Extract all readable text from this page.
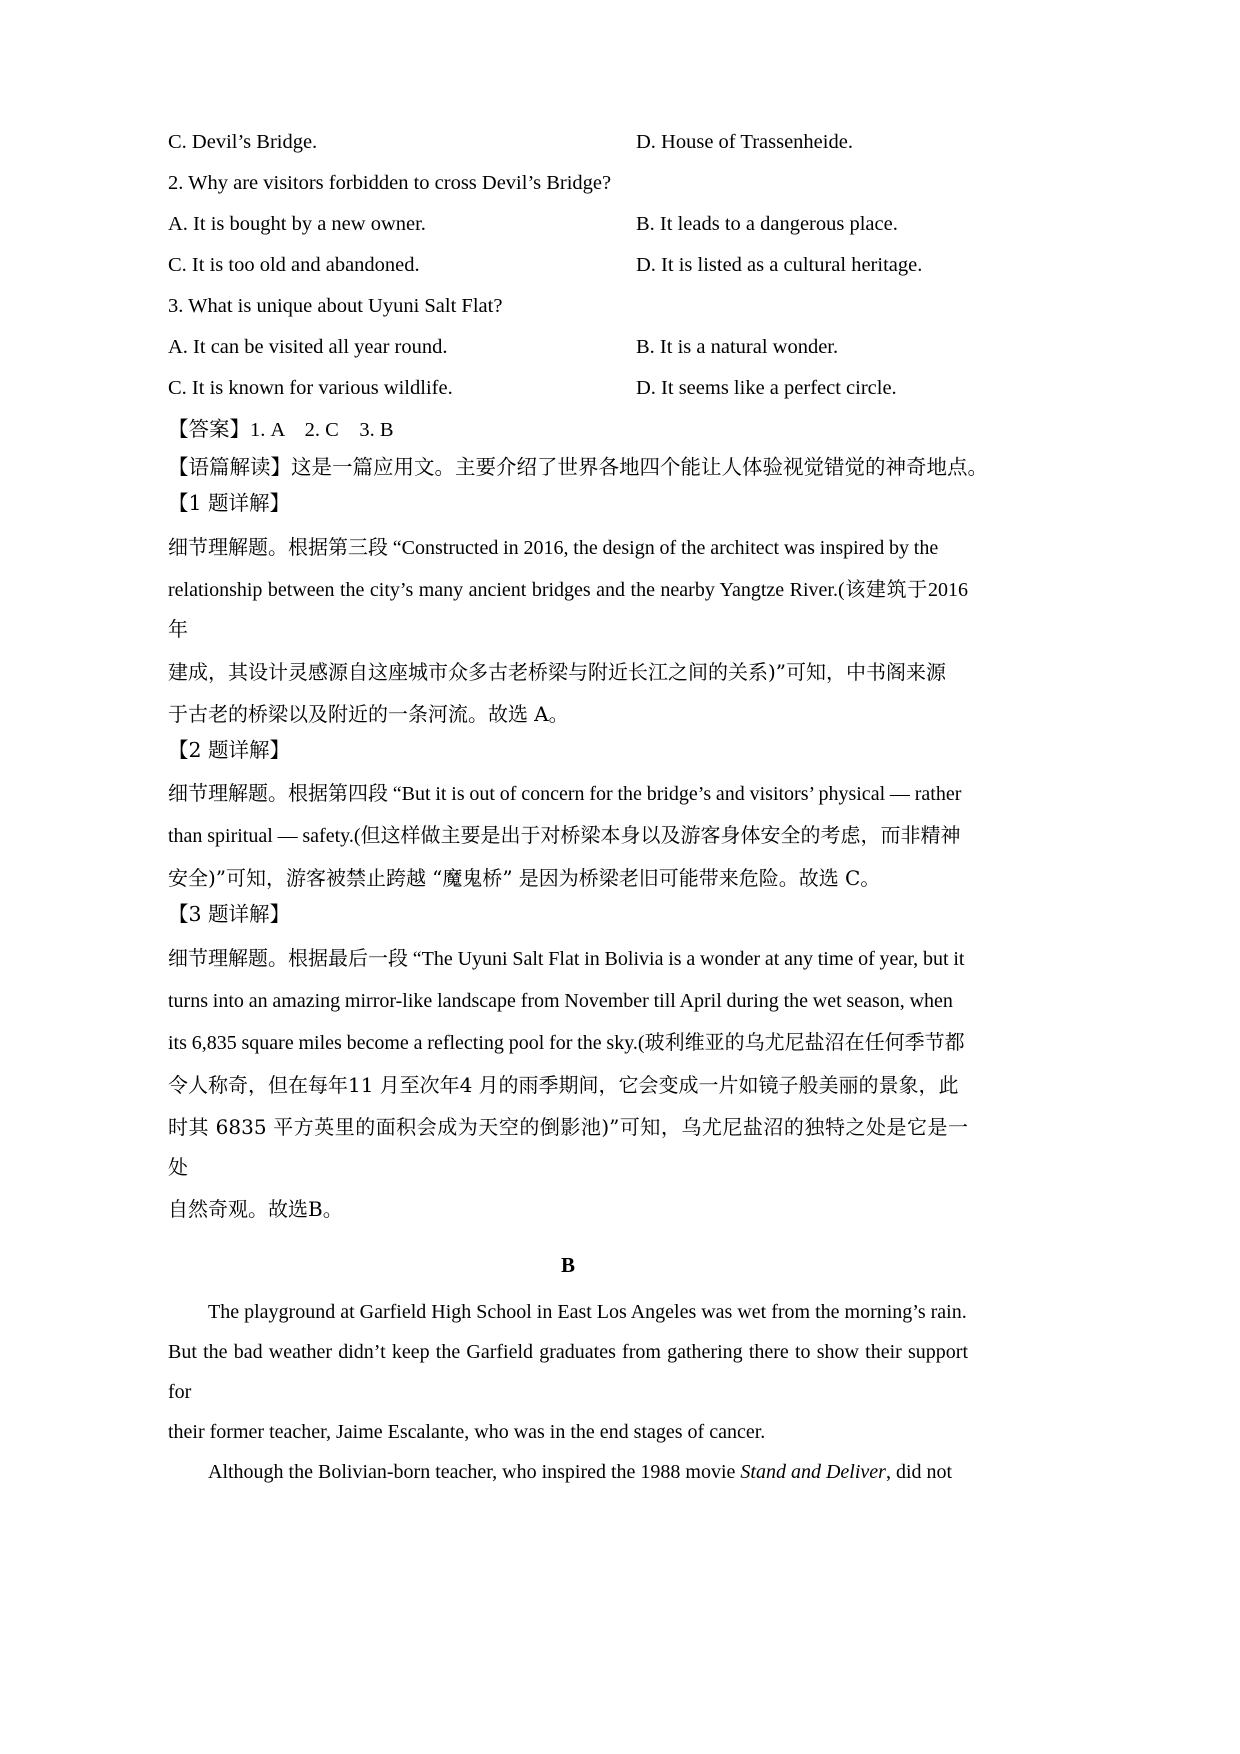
C. Devil’s Bridge.	D. House of Trassenheide.
2. Why are visitors forbidden to cross Devil’s Bridge?
A. It is bought by a new owner.	B. It leads to a dangerous place.
C. It is too old and abandoned.	D. It is listed as a cultural heritage.
3. What is unique about Uyuni Salt Flat?
A. It can be visited all year round.	B. It is a natural wonder.
C. It is known for various wildlife.	D. It seems like a perfect circle.
【答案】1. A　2. C　3. B
【语篇解读】这是一篇应用文。主要介绍了世界各地四个能让人体验视觉错觉的神奇地点。
【1 题详解】
细节理解题。根据第三段 “Constructed in 2016, the design of the architect was inspired by the
relationship between the city’s many ancient bridges and the nearby Yangtze River.(该建筑于2016年
建成，其设计灵感源自这座城市众多古老桥梁与附近长江之间的关系)”可知，中书阁来源
于古老的桥梁以及附近的一条河流。故选 A。
【2 题详解】
细节理解题。根据第四段 “But it is out of concern for the bridge’s and visitors’ physical — rather
than spiritual — safety.(但这样做主要是出于对桥梁本身以及游客身体安全的考虑，而非精神
安全)”可知，游客被禁止跨越 “魔鬼桥” 是因为桥梁老旧可能带来危险。故选 C。
【3 题详解】
细节理解题。根据最后一段 “The Uyuni Salt Flat in Bolivia is a wonder at any time of year, but it
turns into an amazing mirror-like landscape from November till April during the wet season, when
its 6,835 square miles become a reflecting pool for the sky.(玻利维亚的乌尤尼盐沼在任何季节都
令人称奇，但在每年11 月至次年4 月的雨季期间，它会变成一片如镜子般美丽的景象，此
时其 6835 平方英里的面积会成为天空的倒影池)”可知，乌尤尼盐沼的独特之处是它是一处
自然奇观。故选B。
B
The playground at Garfield High School in East Los Angeles was wet from the morning’s rain.
But the bad weather didn’t keep the Garfield graduates from gathering there to show their support for
their former teacher, Jaime Escalante, who was in the end stages of cancer.
Although the Bolivian-born teacher, who inspired the 1988 movie Stand and Deliver, did not
